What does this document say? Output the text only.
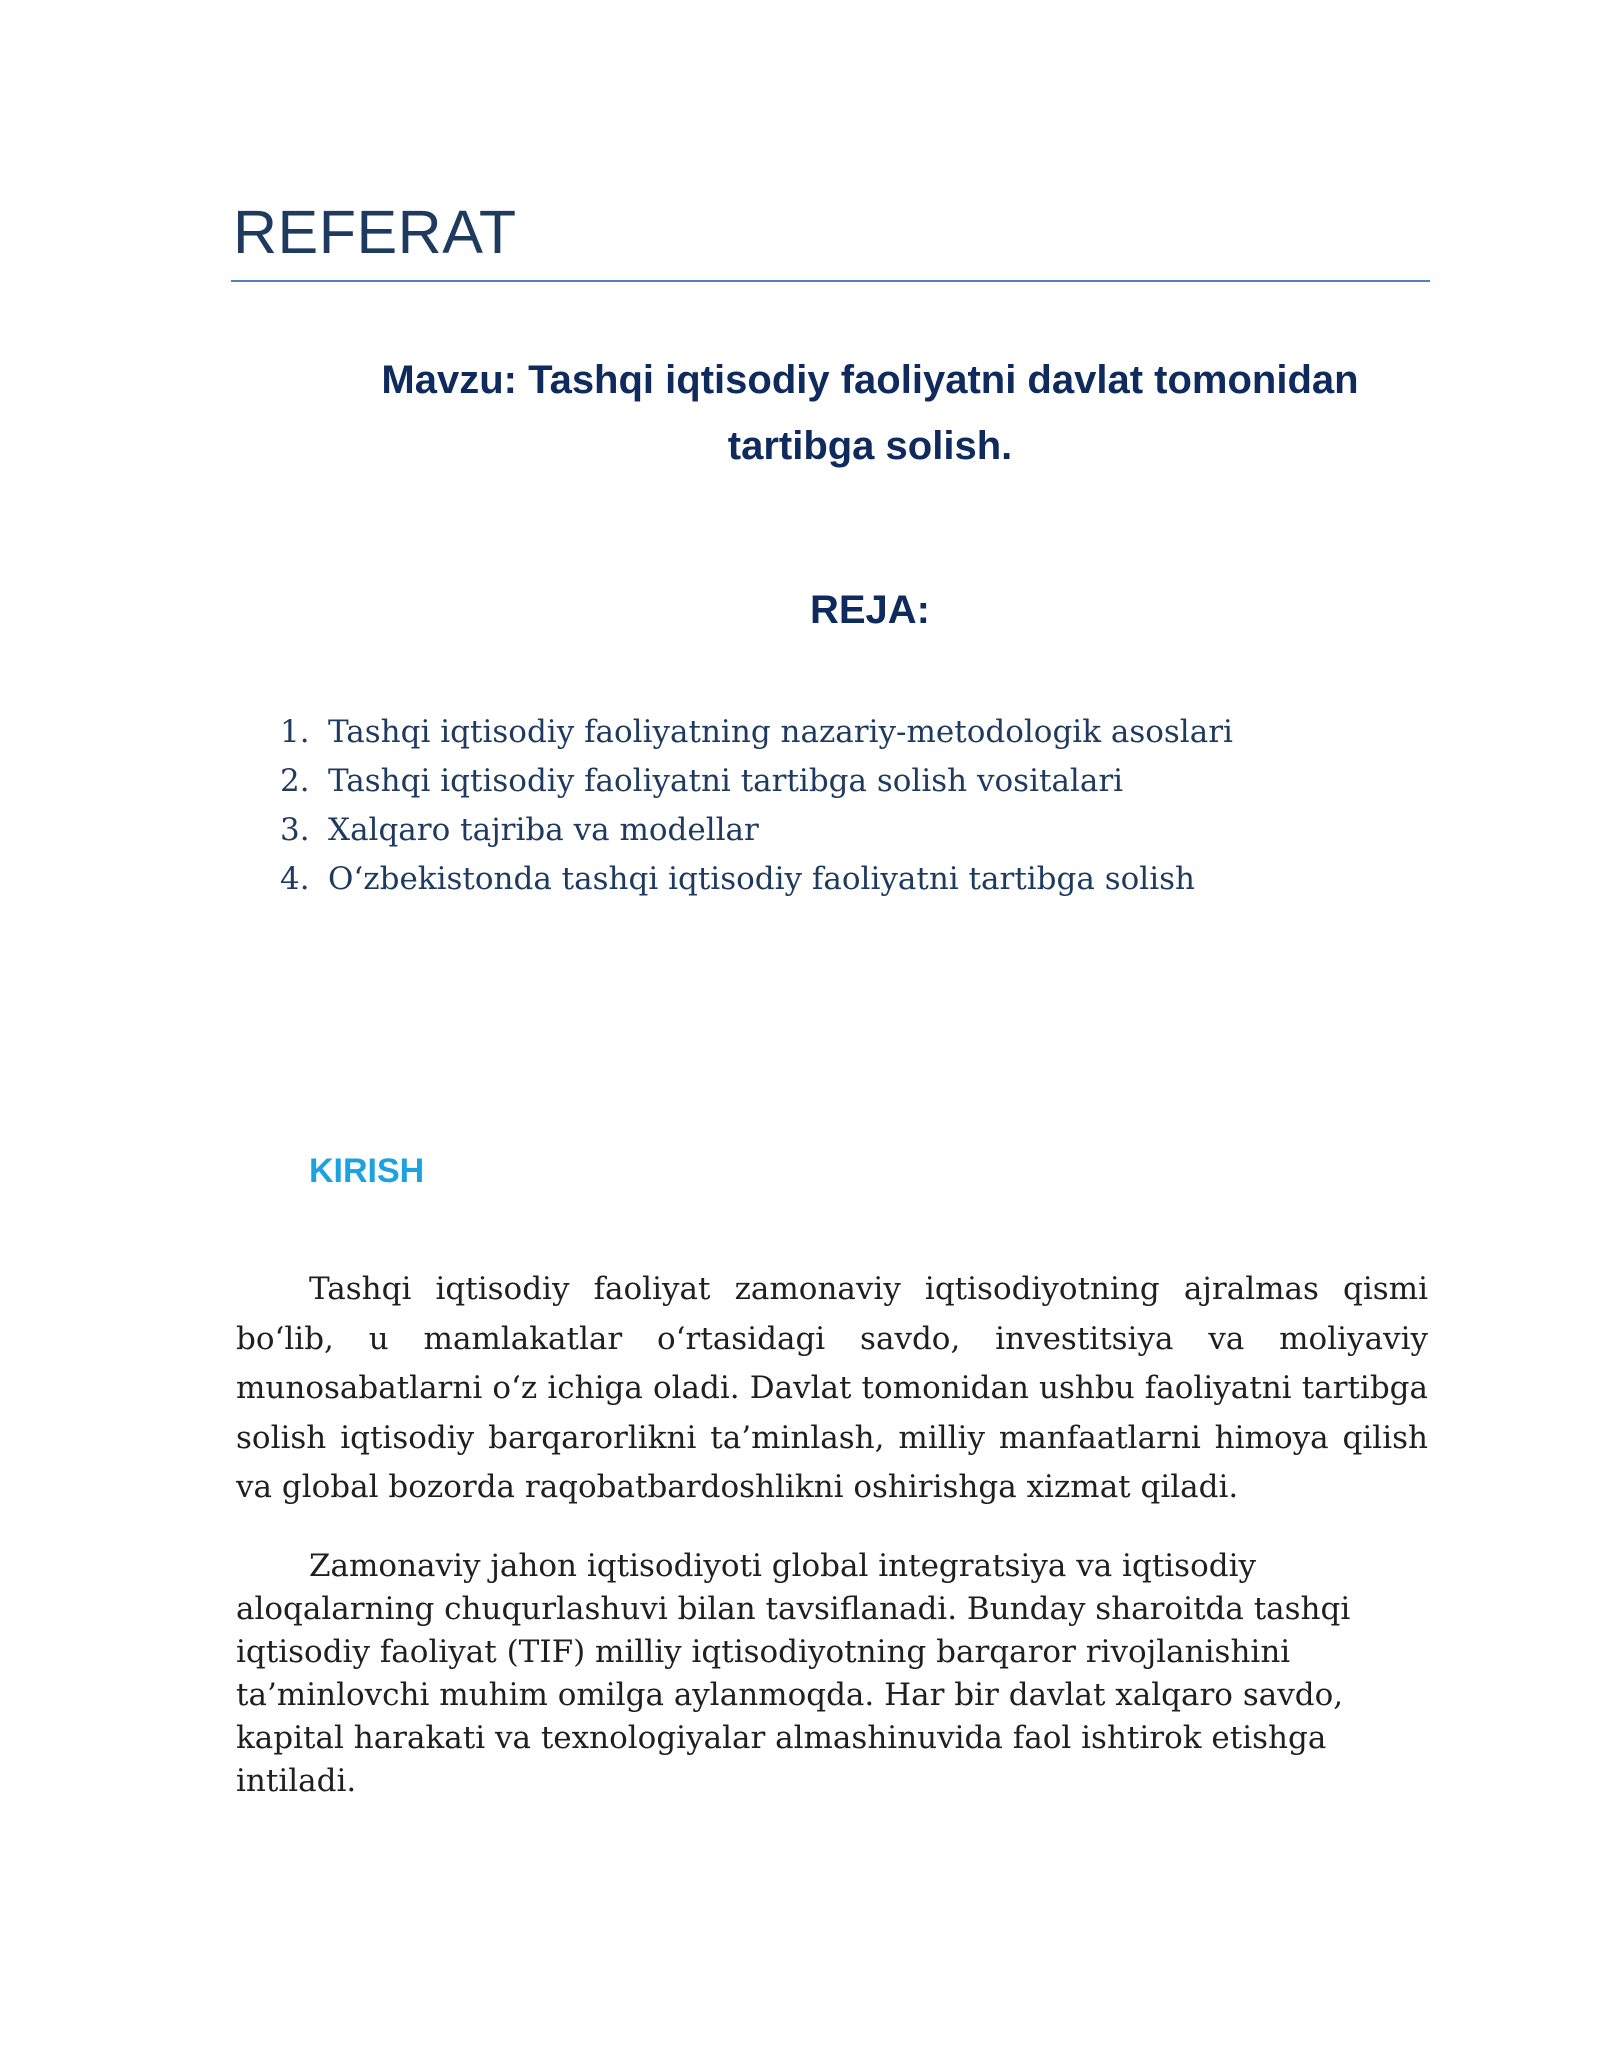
REFERAT
Mavzu: Tashqi iqtisodiy faoliyatni davlat tomonidan
tartibga solish.
REJA:
1. Tashqi iqtisodiy faoliyatning nazariy-metodologik asoslari
2. Tashqi iqtisodiy faoliyatni tartibga solish vositalari
3. Xalqaro tajriba va modellar
4. O‘zbekistonda tashqi iqtisodiy faoliyatni tartibga solish
KIRISH

Tashqi iqtisodiy faoliyat zamonaviy iqtisodiyotning ajralmas qismi bo‘lib, u mamlakatlar o‘rtasidagi savdo, investitsiya va moliyaviy munosabatlarni o‘z ichiga oladi. Davlat tomonidan ushbu faoliyatni tartibga solish iqtisodiy barqarorlikni ta’minlash, milliy manfaatlarni himoya qilish va global bozorda raqobatbardoshlikni oshirishga xizmat qiladi.

Zamonaviy jahon iqtisodiyoti global integratsiya va iqtisodiy
aloqalarning chuqurlashuvi bilan tavsiflanadi. Bunday sharoitda tashqi
iqtisodiy faoliyat (TIF) milliy iqtisodiyotning barqaror rivojlanishini
ta’minlovchi muhim omilga aylanmoqda. Har bir davlat xalqaro savdo,
kapital harakati va texnologiyalar almashinuvida faol ishtirok etishga
intiladi.
